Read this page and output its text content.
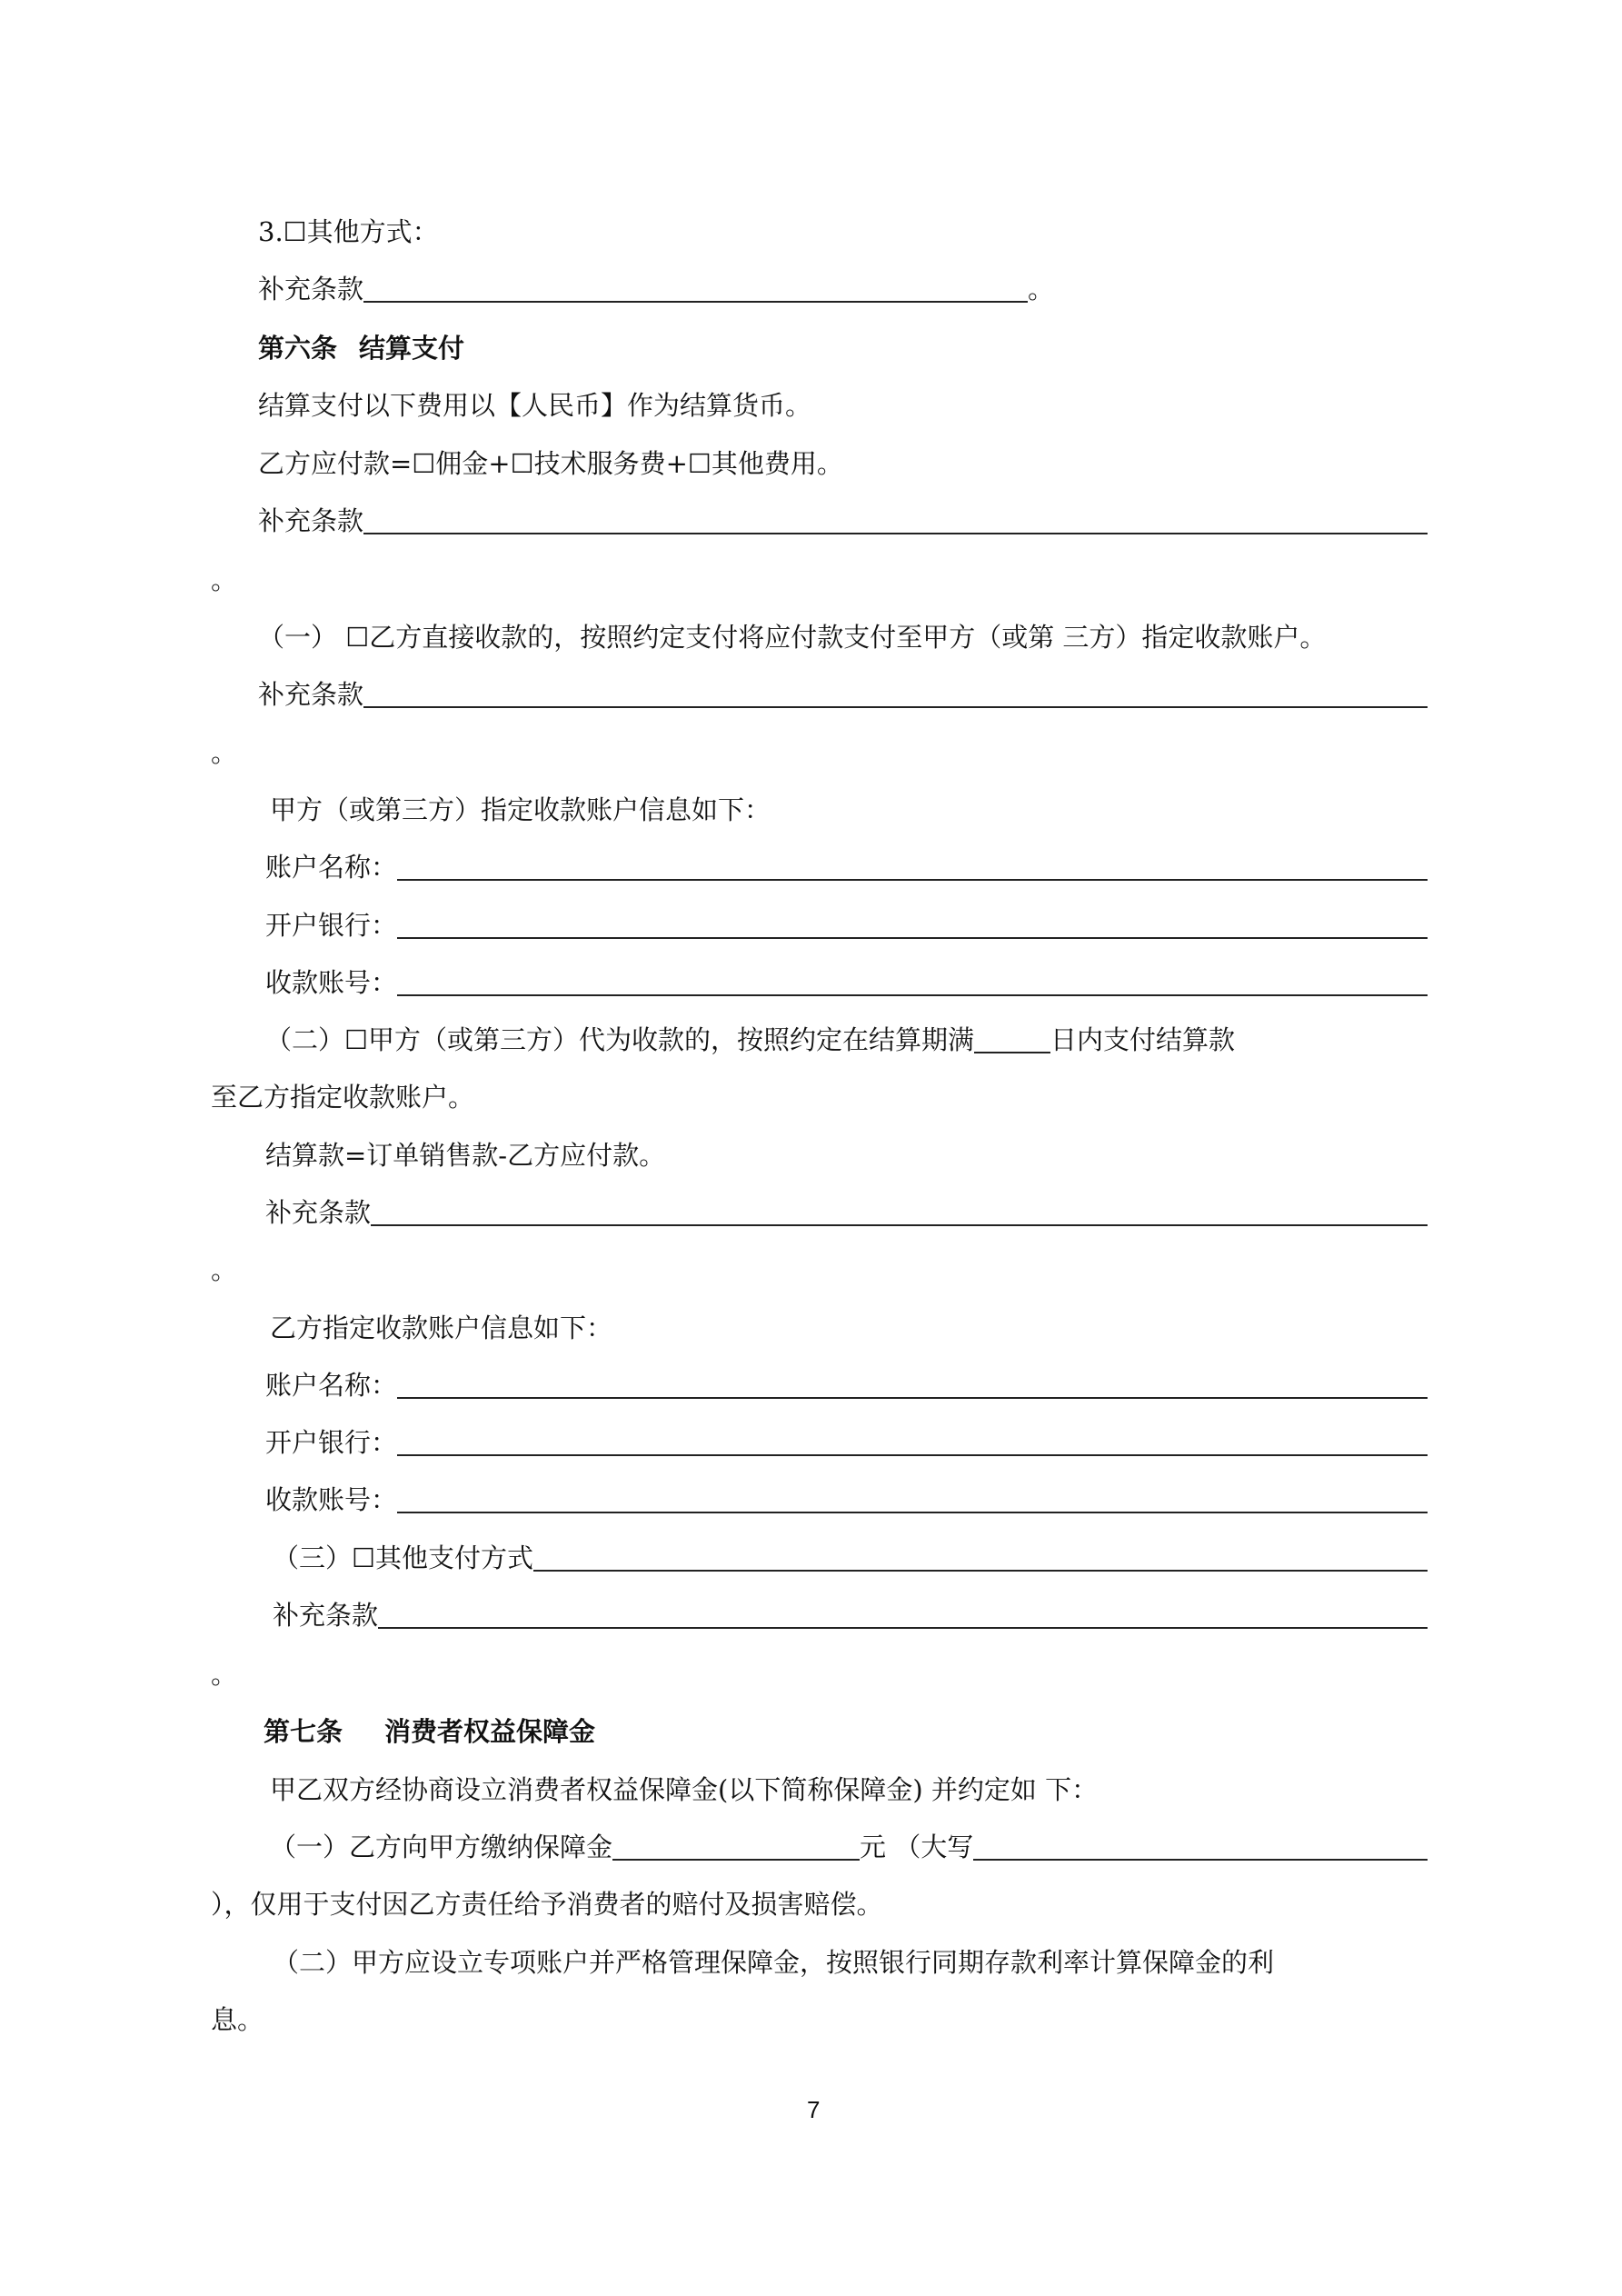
3.☐其他方式：
补充条款	。
第六条 结算支付
结算支付以下费用以【人民币】作为结算货币。
乙方应付款=☐佣金+☐技术服务费+☐其他费用。
补充条款
。
（一） ☐乙方直接收款的，按照约定支付将应付款支付至甲方（或第 三方）指定收款账户。
补充条款
。
甲方（或第三方）指定收款账户信息如下：
账户名称：
开户银行：
收款账号：
（二）☐甲方（或第三方）代为收款的，按照约定在结算期满	日内支付结算款
至乙方指定收款账户。
结算款=订单销售款-乙方应付款。
补充条款
。
乙方指定收款账户信息如下：
账户名称：
开户银行：
收款账号：
（三）☐其他支付方式
补充条款
。
第七条 消费者权益保障金
甲乙双方经协商设立消费者权益保障金(以下简称保障金) 并约定如 下：
（一）乙方向甲方缴纳保障金	元 （大写
），仅用于支付因乙方责任给予消费者的赔付及损害赔偿。
（二）甲方应设立专项账户并严格管理保障金，按照银行同期存款利率计算保障金的利
息。
7
